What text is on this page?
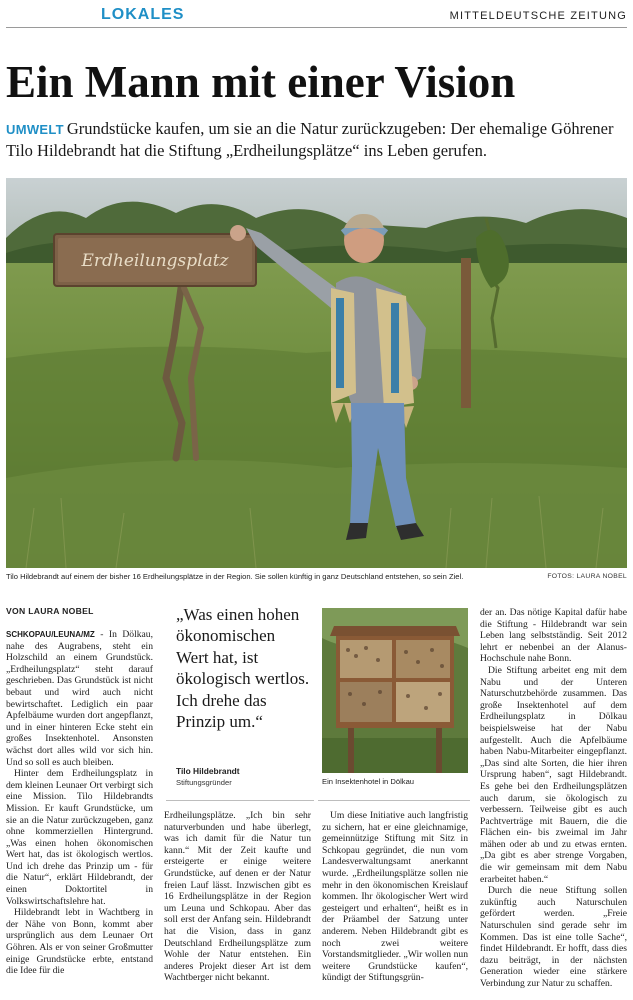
LOKALES	MITTELDEUTSCHE ZEITUNG
Ein Mann mit einer Vision
UMWELT Grundstücke kaufen, um sie an die Natur zurückzugeben: Der ehemalige Göhrener Tilo Hildebrandt hat die Stiftung „Erdheilungsplätze“ ins Leben gerufen.
Erdheilungsplatz
Tilo Hildebrandt auf einem der bisher 16 Erdheilungsplätze in der Region. Sie sollen künftig in ganz Deutschland entstehen, so sein Ziel.	FOTOS: LAURA NOBEL
VON LAURA NOBEL

SCHKOPAU/LEUNA/MZ - In Dölkau, nahe des Augrabens, steht ein Holzschild an einem Grundstück. „Erdheilungsplatz“ steht darauf geschrieben. Das Grundstück ist nicht bebaut und wird auch nicht bewirtschaftet. Lediglich ein paar Apfelbäume wurden dort angepflanzt, und in einer hinteren Ecke steht ein großes Insektenhotel. Ansonsten wächst dort alles wild vor sich hin. Und so soll es auch bleiben.

Hinter dem Erdheilungsplatz in dem kleinen Leunaer Ort verbirgt sich eine Mission. Tilo Hildebrandts Mission. Er kauft Grundstücke, um sie an die Natur zurückzugeben, ganz ohne kommerziellen Hintergrund. „Was einen hohen ökonomischen Wert hat, das ist ökologisch wertlos. Und ich drehe das Prinzip um - für die Natur“, erklärt Hildebrandt, der einen Doktortitel in Volkswirtschaftslehre hat.

Hildebrandt lebt in Wachtberg in der Nähe von Bonn, kommt aber ursprünglich aus dem Leunaer Ort Göhren. Als er von seiner Großmutter einige Grundstücke erbte, entstand die Idee für die

„Was einen hohen ökonomischen Wert hat, ist ökologisch wertlos. Ich drehe das Prinzip um.“
Tilo Hildebrandt
Stiftungsgründer

Erdheilungsplätze. „Ich bin sehr naturverbunden und habe überlegt, was ich damit für die Natur tun kann.“ Mit der Zeit kaufte und ersteigerte er einige weitere Grundstücke, auf denen er der Natur freien Lauf lässt. Inzwischen gibt es 16 Erdheilungsplätze in der Region um Leuna und Schkopau. Aber das soll erst der Anfang sein. Hildebrandt hat die Vision, dass in ganz Deutschland Erdheilungsplätze zum Wohle der Natur entstehen. Ein anderes Projekt dieser Art ist dem Wachtberger nicht bekannt.

Ein Insektenhotel in Dölkau

Um diese Initiative auch langfristig zu sichern, hat er eine gleichnamige, gemeinnützige Stiftung mit Sitz in Schkopau gegründet, die nun vom Landesverwaltungsamt anerkannt wurde. „Erdheilungsplätze sollen nie mehr in den ökonomischen Kreislauf kommen. Ihr ökologischer Wert wird gesteigert und erhalten“, heißt es in der Präambel der Satzung unter anderem. Neben Hildebrandt gibt es noch zwei weitere Vorstandsmitglieder. „Wir wollen nun weitere Grundstücke kaufen“, kündigt der Stiftungsgrün-

der an. Das nötige Kapital dafür habe die Stiftung - Hildebrandt war sein Leben lang selbstständig. Seit 2012 lehrt er nebenbei an der Alanus-Hochschule nahe Bonn.

Die Stiftung arbeitet eng mit dem Nabu und der Unteren Naturschutzbehörde zusammen. Das große Insektenhotel auf dem Erdheilungsplatz in Dölkau beispielsweise hat der Nabu aufgestellt. Auch die Apfelbäume haben Nabu-Mitarbeiter eingepflanzt. „Das sind alte Sorten, die hier ihren Ursprung haben“, sagt Hildebrandt. Es gehe bei den Erdheilungsplätzen auch darum, sie ökologisch zu verbessern. Teilweise gibt es auch Pachtverträge mit Bauern, die die Flächen ein- bis zweimal im Jahr mähen oder ab und zu etwas ernten. „Da gibt es aber strenge Vorgaben, die wir gemeinsam mit dem Nabu erarbeitet haben.“

Durch die neue Stiftung sollen zukünftig auch Naturschulen gefördert werden. „Freie Naturschulen sind gerade sehr im Kommen. Das ist eine tolle Sache“, findet Hildebrandt. Er hofft, dass dies dazu beiträgt, in der nächsten Generation wieder eine stärkere Verbindung zur Natur zu schaffen.
